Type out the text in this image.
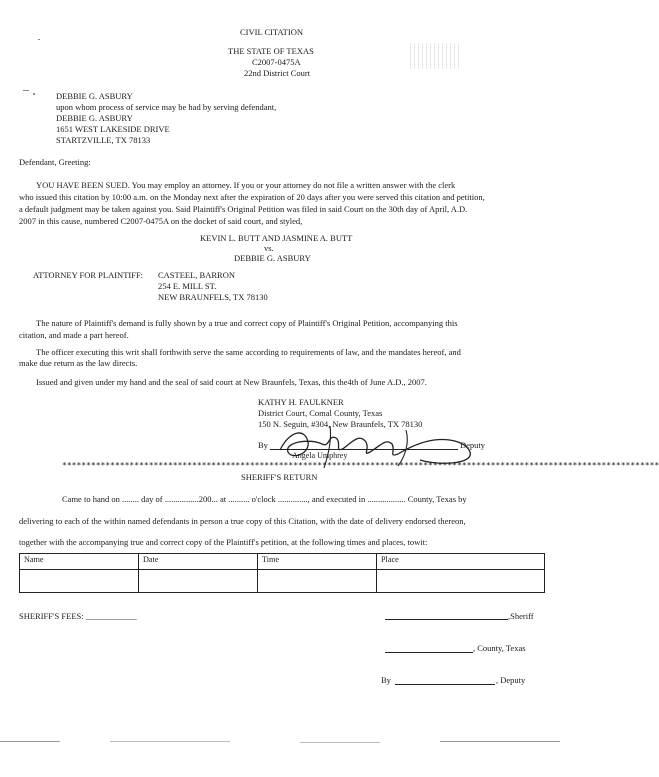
CIVIL CITATION
THE STATE OF TEXAS
C2007-0475A
22nd District Court
DEBBIE G. ASBURY
upon whom process of service may be had by serving defendant,
DEBBIE G. ASBURY
1651 WEST LAKESIDE DRIVE
STARTZVILLE, TX 78133
Defendant, Greeting:
YOU HAVE BEEN SUED. You may employ an attorney. If you or your attorney do not file a written answer with the clerk
who issued this citation by 10:00 a.m. on the Monday next after the expiration of 20 days after you were served this citation and petition,
a default judgment may be taken against you. Said Plaintiff's Original Petition was filed in said Court on the 30th day of April, A.D.
2007 in this cause, numbered C2007-0475A on the docket of said court, and styled,
KEVIN L. BUTT AND JASMINE A. BUTT
vs.
DEBBIE G. ASBURY
ATTORNEY FOR PLAINTIFF: CASTEEL, BARRON
254 E. MILL ST.
NEW BRAUNFELS, TX 78130
The nature of Plaintiff's demand is fully shown by a true and correct copy of Plaintiff's Original Petition, accompanying this
citation, and made a part hereof.
The officer executing this writ shall forthwith serve the same according to requirements of law, and the mandates hereof, and
make due return as the law directs.
Issued and given under my hand and the seal of said court at New Braunfels, Texas, this the4th of June A.D., 2007.
KATHY H. FAULKNER
District Court, Comal County, Texas
150 N. Seguin, #304, New Braunfels, TX 78130
By	Deputy
Angela Umphrey
****************************************************************************************************************************
SHERIFF'S RETURN
Came to hand on ........ day of ................200... at .......... o'clock .............., and executed in .................. County, Texas by
delivering to each of the within named defendants in person a true copy of this Citation, with the date of delivery endorsed thereon,
together with the accompanying true and correct copy of the Plaintiff's petition, at the following times and places, towit:
Name	Date	Time	Place

SHERIFF'S FEES: ____________	,Sheriff
, County, Texas
By	, Deputy
